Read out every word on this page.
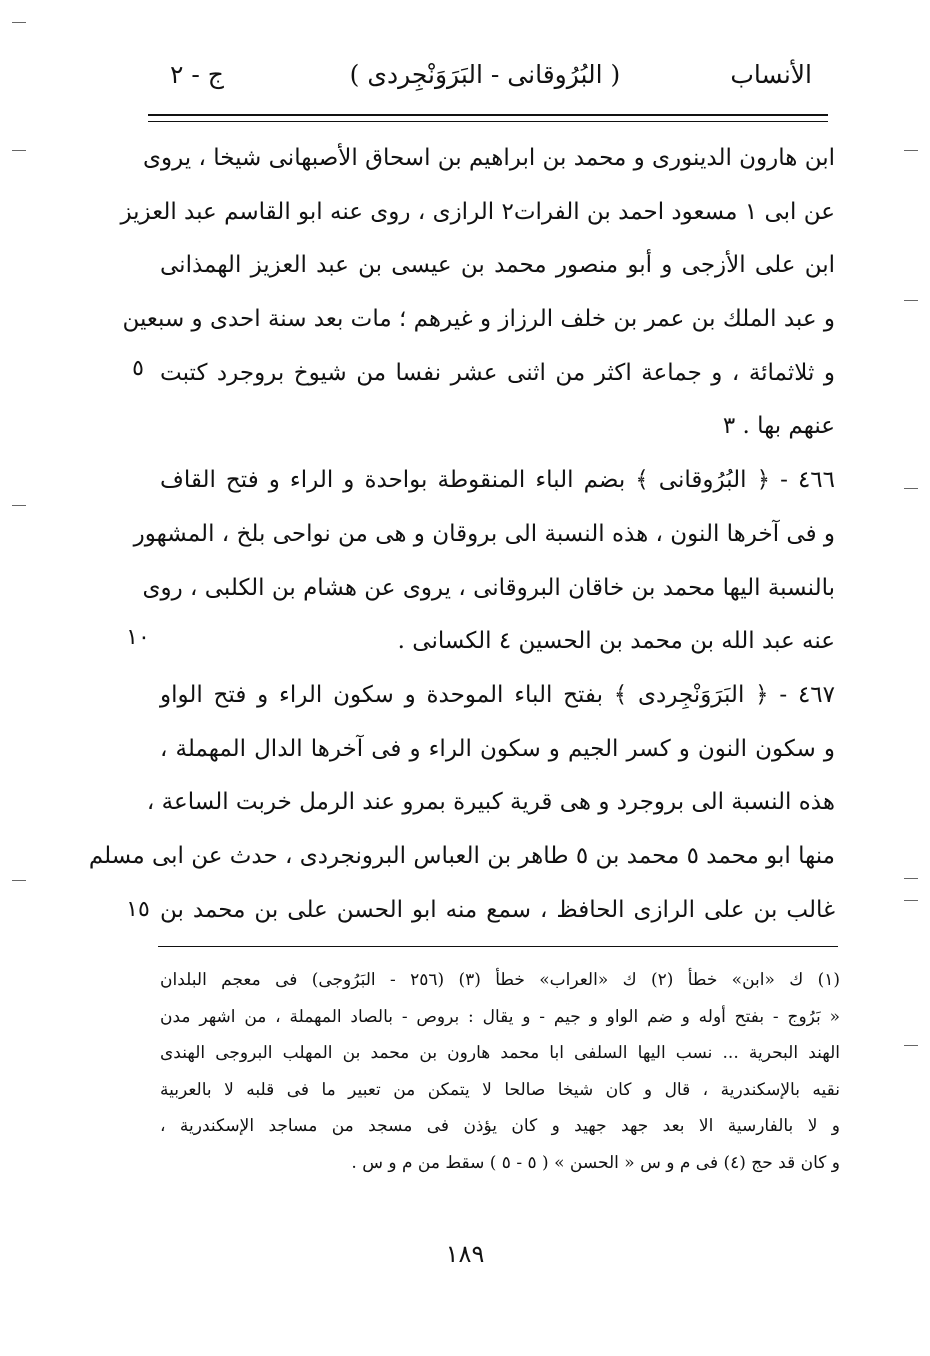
الأنساب
( البُرُوقانى - البَرَوَنْجِردى )
ج - ٢
ابن هارون الدينورى و محمد بن ابراهيم بن اسحاق الأصبهانى شيخا ، يروى
عن ابى ١ مسعود احمد بن الفرات٢ الرازى ، روى عنه ابو القاسم عبد العزيز
ابن على الأزجى و أبو منصور محمد بن عيسى بن عبد العزيز الهمذانى
و عبد الملك بن عمر بن خلف الرزاز و غيرهم ؛ مات بعد سنة احدى و سبعين
و ثلاثمائة ، و جماعة اكثر من اثنى عشر نفسا من شيوخ بروجرد كتبت
عنهم بها . ٣
٤٦٦ - ﴿ البُرُوقانى ﴾ بضم الباء المنقوطة بواحدة و الراء و فتح القاف
و فى آخرها النون ، هذه النسبة الى بروقان و هى من نواحى بلخ ، المشهور
بالنسبة اليها محمد بن خاقان البروقانى ، يروى عن هشام بن الكلبى ، روى
عنه عبد الله بن محمد بن الحسين ٤ الكسانى .
٤٦٧ - ﴿ البَرَوَنْجِردى ﴾ بفتح الباء الموحدة و سكون الراء و فتح الواو
و سكون النون و كسر الجيم و سكون الراء و فى آخرها الدال المهملة ،
هذه النسبة الى بروجرد و هى قرية كبيرة بمرو عند الرمل خربت الساعة ،
منها ابو محمد ٥ محمد بن ٥ طاهر بن العباس البرونجردى ، حدث عن ابى مسلم
غالب بن على الرازى الحافظ ، سمع منه ابو الحسن على بن محمد بن
٥
١٠
١٥
(١) ك «ابن» خطأ (٢) ك «العراب» خطأ (٣) (٢٥٦ - البَرُوجى) فى معجم البلدان
« بَرُوج - بفتح أوله و ضم الواو و جيم - و يقال : بروص - بالصاد المهملة ، من اشهر مدن
الهند البحرية ... نسب اليها السلفى ابا محمد هارون بن محمد بن المهلب البروجى الهندى
نقيه بالإسكندرية ، قال و كان شيخا صالحا لا يتمكن من تعبير ما فى قلبه لا بالعربية
و لا بالفارسية الا بعد جهد جهيد و كان يؤذن فى مسجد من مساجد الإسكندرية ،
و كان قد حج (٤) فى م و س « الحسن » ( ٥ - ٥ ) سقط من م و س .
١٨٩
